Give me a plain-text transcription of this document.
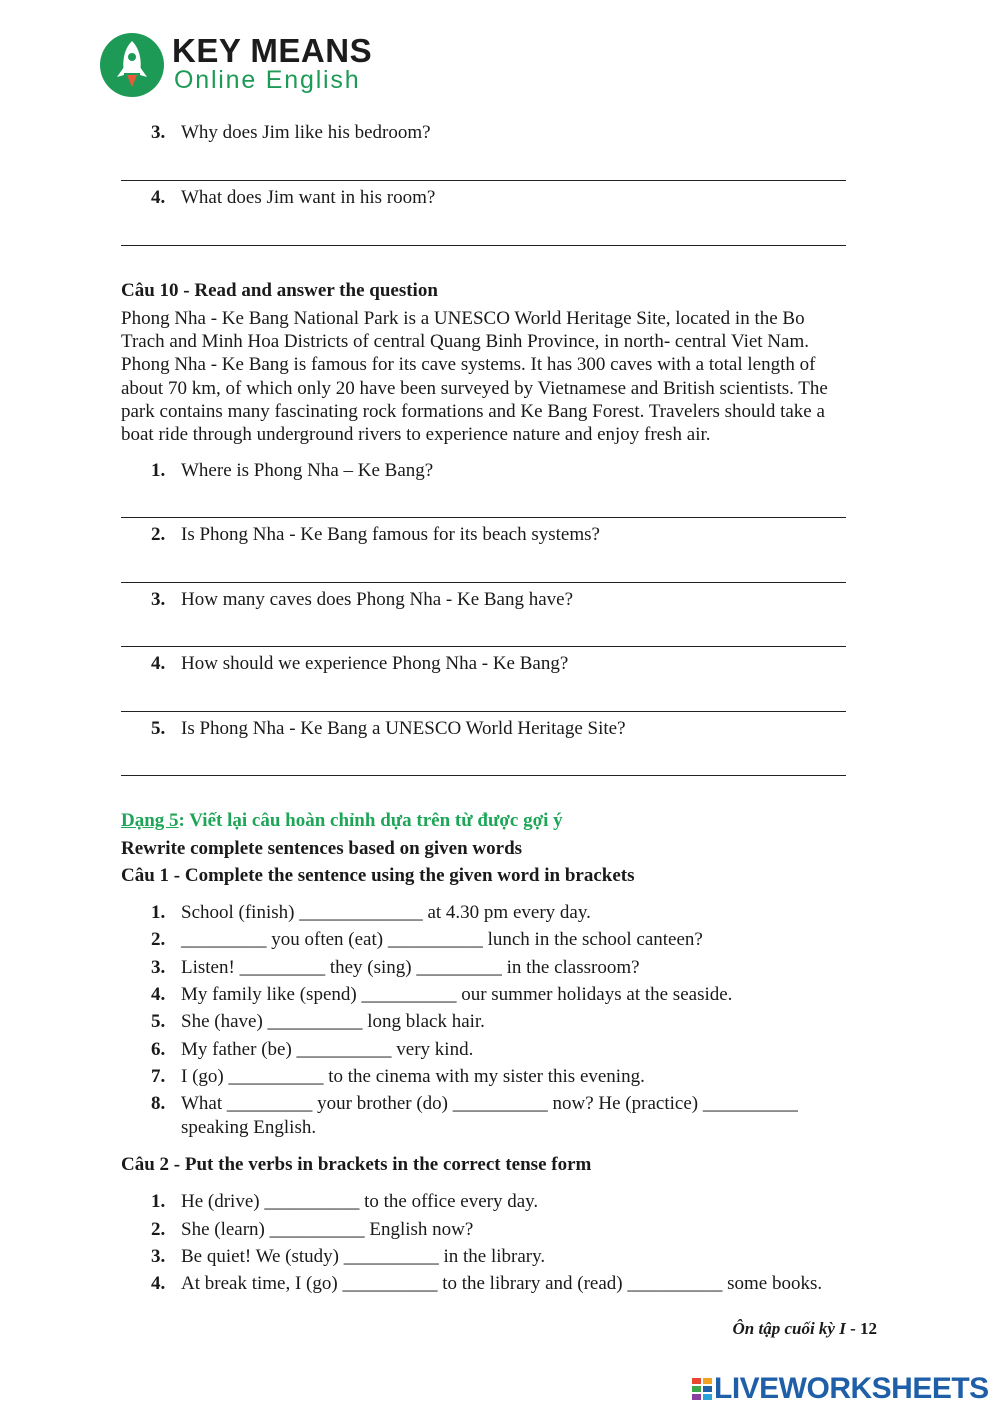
KEY MEANS
Online English
3. Why does Jim like his bedroom?
4. What does Jim want in his room?
Câu 10 - Read and answer the question
Phong Nha - Ke Bang National Park is a UNESCO World Heritage Site, located in the Bo
Trach and Minh Hoa Districts of central Quang Binh Province, in north- central Viet Nam.
Phong Nha - Ke Bang is famous for its cave systems. It has 300 caves with a total length of
about 70 km, of which only 20 have been surveyed by Vietnamese and British scientists. The
park contains many fascinating rock formations and Ke Bang Forest. Travelers should take a
boat ride through underground rivers to experience nature and enjoy fresh air.
1. Where is Phong Nha – Ke Bang?
2. Is Phong Nha - Ke Bang famous for its beach systems?
3. How many caves does Phong Nha - Ke Bang have?
4. How should we experience Phong Nha - Ke Bang?
5. Is Phong Nha - Ke Bang a UNESCO World Heritage Site?
Dạng 5: Viết lại câu hoàn chỉnh dựa trên từ được gợi ý
Rewrite complete sentences based on given words
Câu 1 - Complete the sentence using the given word in brackets
1. School (finish) _____________ at 4.30 pm every day.
2. _________ you often (eat) __________ lunch in the school canteen?
3. Listen! _________ they (sing) _________ in the classroom?
4. My family like (spend) __________ our summer holidays at the seaside.
5. She (have) __________ long black hair.
6. My father (be) __________ very kind.
7. I (go) __________ to the cinema with my sister this evening.
8. What _________ your brother (do) __________ now? He (practice) __________
speaking English.
Câu 2 - Put the verbs in brackets in the correct tense form
1. He (drive) __________ to the office every day.
2. She (learn) __________ English now?
3. Be quiet! We (study) __________ in the library.
4. At break time, I (go) __________ to the library and (read) __________ some books.
Ôn tập cuối kỳ I - 12
LIVEWORKSHEETS
